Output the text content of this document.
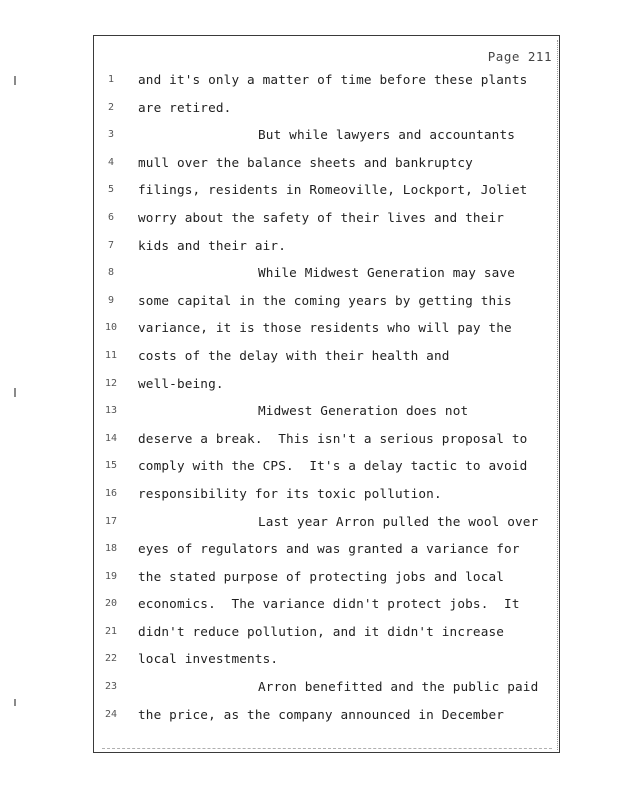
Page 211
1
2
3
4
5
6
7
8
9
10
11
12
13
14
15
16
17
18
19
20
21
22
23
24
and it's only a matter of time before these plants
are retired.
But while lawyers and accountants
mull over the balance sheets and bankruptcy
filings, residents in Romeoville, Lockport, Joliet
worry about the safety of their lives and their
kids and their air.
While Midwest Generation may save
some capital in the coming years by getting this
variance, it is those residents who will pay the
costs of the delay with their health and
well-being.
Midwest Generation does not
deserve a break.  This isn't a serious proposal to
comply with the CPS.  It's a delay tactic to avoid
responsibility for its toxic pollution.
Last year Arron pulled the wool over
eyes of regulators and was granted a variance for
the stated purpose of protecting jobs and local
economics.  The variance didn't protect jobs.  It
didn't reduce pollution, and it didn't increase
local investments.
Arron benefitted and the public paid
the price, as the company announced in December
